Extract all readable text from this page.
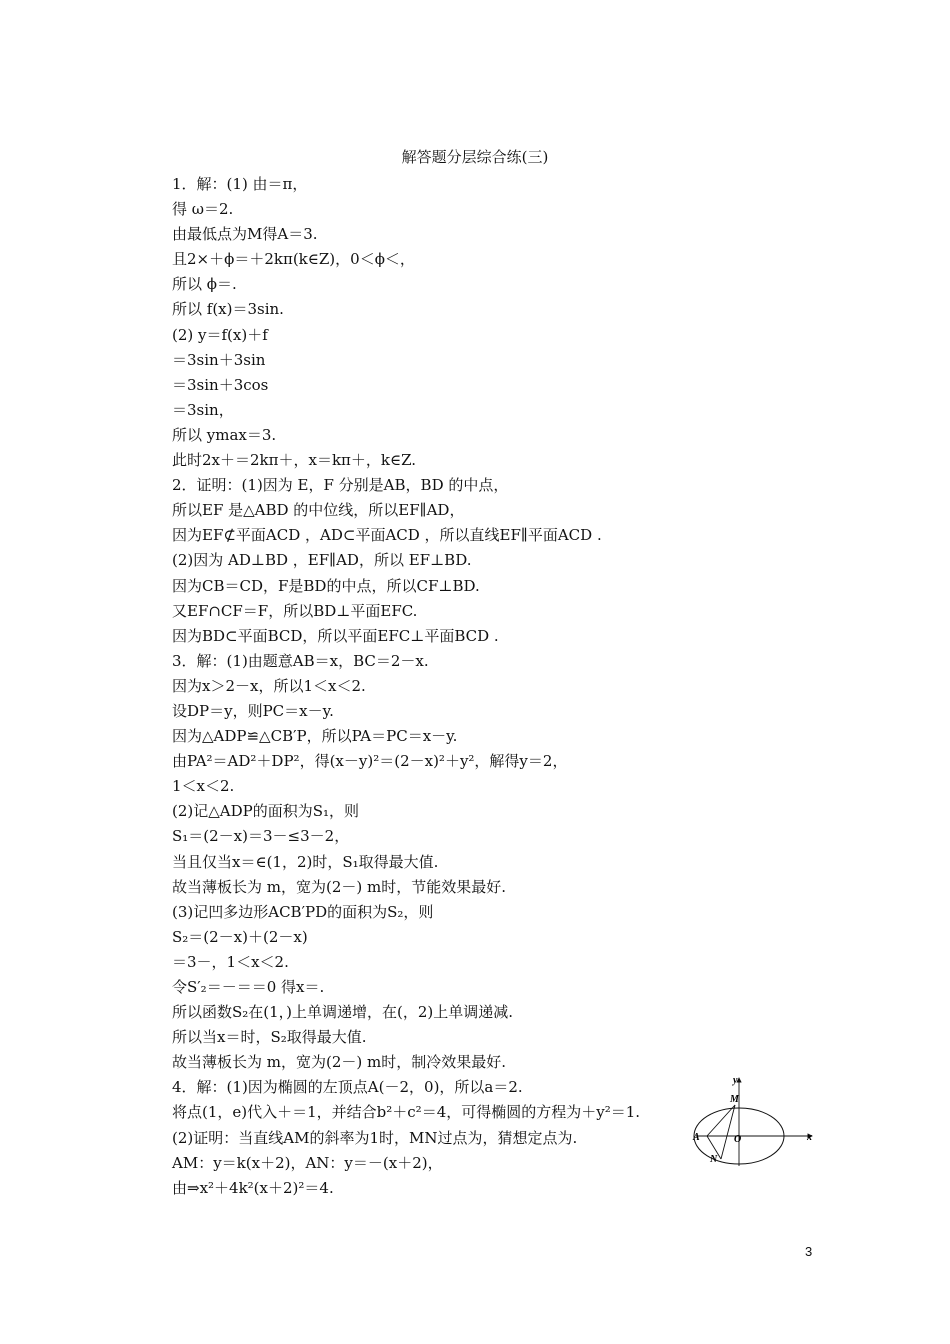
解答题分层综合练(三)
1．解：(1) 由＝π，
得 ω＝2.
由最低点为M得A＝3.
且2×＋ϕ＝＋2kπ(k∈Z)，0＜ϕ＜，
所以 ϕ＝.
所以 f(x)＝3sin.
(2) y＝f(x)＋f
＝3sin＋3sin
＝3sin＋3cos
＝3sin，
所以 ymax＝3.
此时2x＋＝2kπ＋，x＝kπ＋，k∈Z.
2．证明：(1)因为 E，F 分别是AB，BD 的中点，
所以EF 是△ABD 的中位线，所以EF∥AD，
因为EF⊄平面ACD ，AD⊂平面ACD ，所以直线EF∥平面ACD .
(2)因为 AD⊥BD ，EF∥AD，所以 EF⊥BD.
因为CB＝CD，F是BD的中点，所以CF⊥BD.
又EF∩CF＝F，所以BD⊥平面EFC.
因为BD⊂平面BCD，所以平面EFC⊥平面BCD .
3．解：(1)由题意AB＝x，BC＝2－x.
因为x＞2－x，所以1＜x＜2.
设DP＝y，则PC＝x－y.
因为△ADP≌△CB′P，所以PA＝PC＝x－y.
由PA²＝AD²＋DP²，得(x－y)²＝(2－x)²＋y²，解得y＝2，
1＜x＜2.
(2)记△ADP的面积为S₁，则
S₁＝(2－x)＝3－≤3－2，
当且仅当x＝∈(1，2)时，S₁取得最大值.
故当薄板长为 m，宽为(2－) m时，节能效果最好.
(3)记凹多边形ACB′PD的面积为S₂，则
S₂＝(2－x)＋(2－x)
＝3－，1＜x＜2.
令S′₂＝－＝＝0 得x＝.
所以函数S₂在(1，)上单调递增，在(，2)上单调递减.
所以当x＝时，S₂取得最大值.
故当薄板长为 m，宽为(2－) m时，制冷效果最好.
4．解：(1)因为椭圆的左顶点A(－2，0)，所以a＝2.
将点(1，e)代入＋＝1，并结合b²＋c²＝4，可得椭圆的方程为＋y²＝1.
(2)证明：当直线AM的斜率为1时，MN过点为，猜想定点为.
AM：y＝k(x＋2)，AN：y＝－(x＋2)，
由⇒x²＋4k²(x＋2)²＝4.
y
x
M
A	O
N
3
